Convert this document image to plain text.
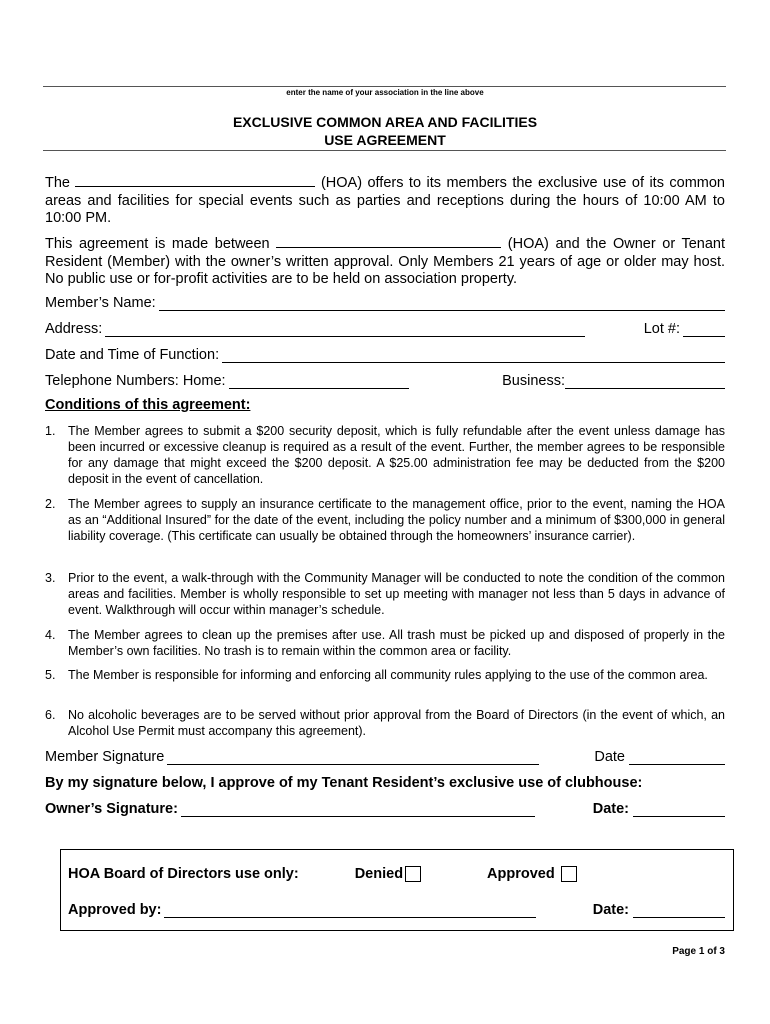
enter the name of your association in the line above
EXCLUSIVE COMMON AREA AND FACILITIES
USE AGREEMENT
The	(HOA) offers to its members the exclusive use of its common areas and facilities for special events such as parties and receptions during the hours of 10:00 AM to 10:00 PM.
This agreement is made between	(HOA) and the Owner or Tenant Resident (Member) with the owner’s written approval. Only Members 21 years of age or older may host. No public use or for-profit activities are to be held on association property.
Member’s Name:
Address:	Lot #:
Date and Time of Function:
Telephone Numbers: Home:	Business:
Conditions of this agreement:
1.	The Member agrees to submit a $200 security deposit, which is fully refundable after the event unless damage has been incurred or excessive cleanup is required as a result of the event. Further, the member agrees to be responsible for any damage that might exceed the $200 deposit. A $25.00 administration fee may be deducted from the $200 deposit in the event of cancellation.
2.	The Member agrees to supply an insurance certificate to the management office, prior to the event, naming the HOA as an “Additional Insured” for the date of the event, including the policy number and a minimum of $300,000 in general liability coverage. (This certificate can usually be obtained through the homeowners’ insurance carrier).
3.	Prior to the event, a walk-through with the Community Manager will be conducted to note the condition of the common areas and facilities. Member is wholly responsible to set up meeting with manager not less than 5 days in advance of event. Walkthrough will occur within manager’s schedule.
4.	The Member agrees to clean up the premises after use. All trash must be picked up and disposed of properly in the Member’s own facilities. No trash is to remain within the common area or facility.
5.	The Member is responsible for informing and enforcing all community rules applying to the use of the common area.
6.	No alcoholic beverages are to be served without prior approval from the Board of Directors (in the event of which, an Alcohol Use Permit must accompany this agreement).
Member Signature	Date
By my signature below, I approve of my Tenant Resident’s exclusive use of clubhouse:
Owner’s Signature:	Date:
HOA Board of Directors use only:	Denied	Approved
Approved by:	Date:
Page 1 of 3
